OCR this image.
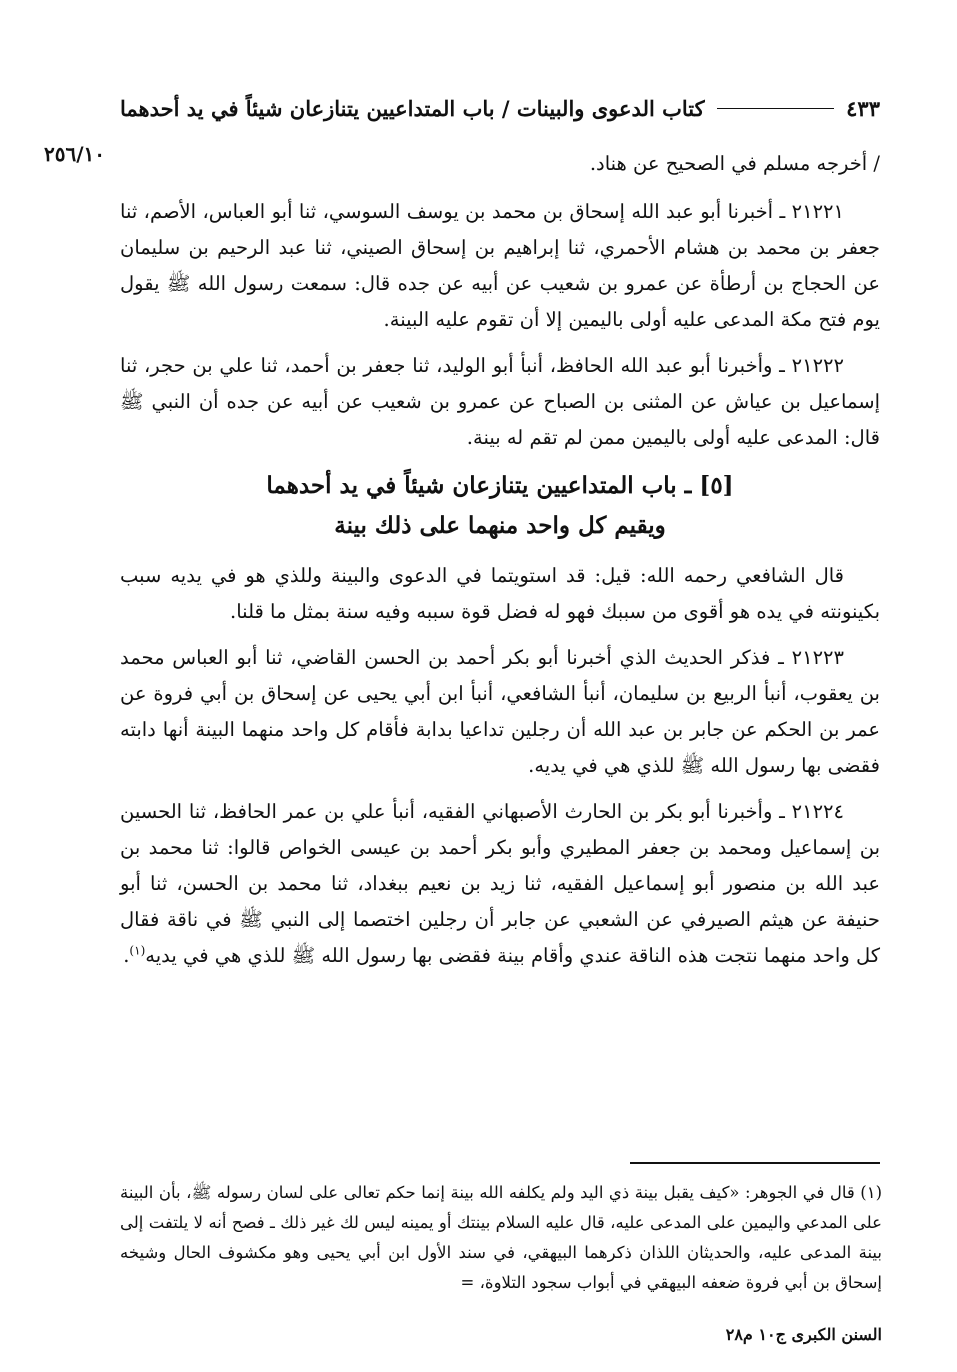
كتاب الدعوى والبينات / باب المتداعيين يتنازعان شيئاً في يد أحدهما	٤٣٣
٢٥٦/١٠	/ أخرجه مسلم في الصحيح عن هناد.

٢١٢٢١ ـ أخبرنا أبو عبد الله إسحاق بن محمد بن يوسف السوسي، ثنا أبو العباس، الأصم، ثنا جعفر بن محمد بن هشام الأحمري، ثنا إبراهيم بن إسحاق الصيني، ثنا عبد الرحيم بن سليمان عن الحجاج بن أرطأة عن عمرو بن شعيب عن أبيه عن جده قال: سمعت رسول الله ﷺ يقول يوم فتح مكة المدعى عليه أولى باليمين إلا أن تقوم عليه البينة.

٢١٢٢٢ ـ وأخبرنا أبو عبد الله الحافظ، أنبأ أبو الوليد، ثنا جعفر بن أحمد، ثنا علي بن حجر، ثنا إسماعيل بن عياش عن المثنى بن الصباح عن عمرو بن شعيب عن أبيه عن جده أن النبي ﷺ قال: المدعى عليه أولى باليمين ممن لم تقم له بينة.

[٥] ـ باب المتداعيين يتنازعان شيئاً في يد أحدهما
ويقيم كل واحد منهما على ذلك بينة

قال الشافعي رحمه الله: قيل: قد استويتما في الدعوى والبينة وللذي هو في يديه سبب بكينونته في يده هو أقوى من سببك فهو له فضل قوة سببه وفيه سنة بمثل ما قلنا.

٢١٢٢٣ ـ فذكر الحديث الذي أخبرنا أبو بكر أحمد بن الحسن القاضي، ثنا أبو العباس محمد بن يعقوب، أنبأ الربيع بن سليمان، أنبأ الشافعي، أنبأ ابن أبي يحيى عن إسحاق بن أبي فروة عن عمر بن الحكم عن جابر بن عبد الله أن رجلين تداعيا بدابة فأقام كل واحد منهما البينة أنها دابته فقضى بها رسول الله ﷺ للذي هي في يديه.

٢١٢٢٤ ـ وأخبرنا أبو بكر بن الحارث الأصبهاني الفقيه، أنبأ علي بن عمر الحافظ، ثنا الحسين بن إسماعيل ومحمد بن جعفر المطيري وأبو بكر أحمد بن عيسى الخواص قالوا: ثنا محمد بن عبد الله بن منصور أبو إسماعيل الفقيه، ثنا زيد بن نعيم ببغداد، ثنا محمد بن الحسن، ثنا أبو حنيفة عن هيثم الصيرفي عن الشعبي عن جابر أن رجلين اختصما إلى النبي ﷺ في ناقة فقال كل واحد منهما نتجت هذه الناقة عندي وأقام بينة فقضى بها رسول الله ﷺ للذي هي في يديه$^{(١)}$.

(١) قال في الجوهر: «كيف يقبل بينة ذي اليد ولم يكلفه الله بينة إنما حكم تعالى على لسان رسوله ﷺ، بأن البينة على المدعي واليمين على المدعى عليه، قال عليه السلام بينتك أو يمينه ليس لك غير ذلك ـ فصح أنه لا يلتفت إلى بينة المدعى عليه، والحديثان اللذان ذكرهما البيهقي، في سند الأول ابن أبي يحيى وهو مكشوف الحال وشيخه إسحاق بن أبي فروة ضعفه البيهقي في أبواب سجود التلاوة، =

السنن الكبرى ج١٠ م٢٨
